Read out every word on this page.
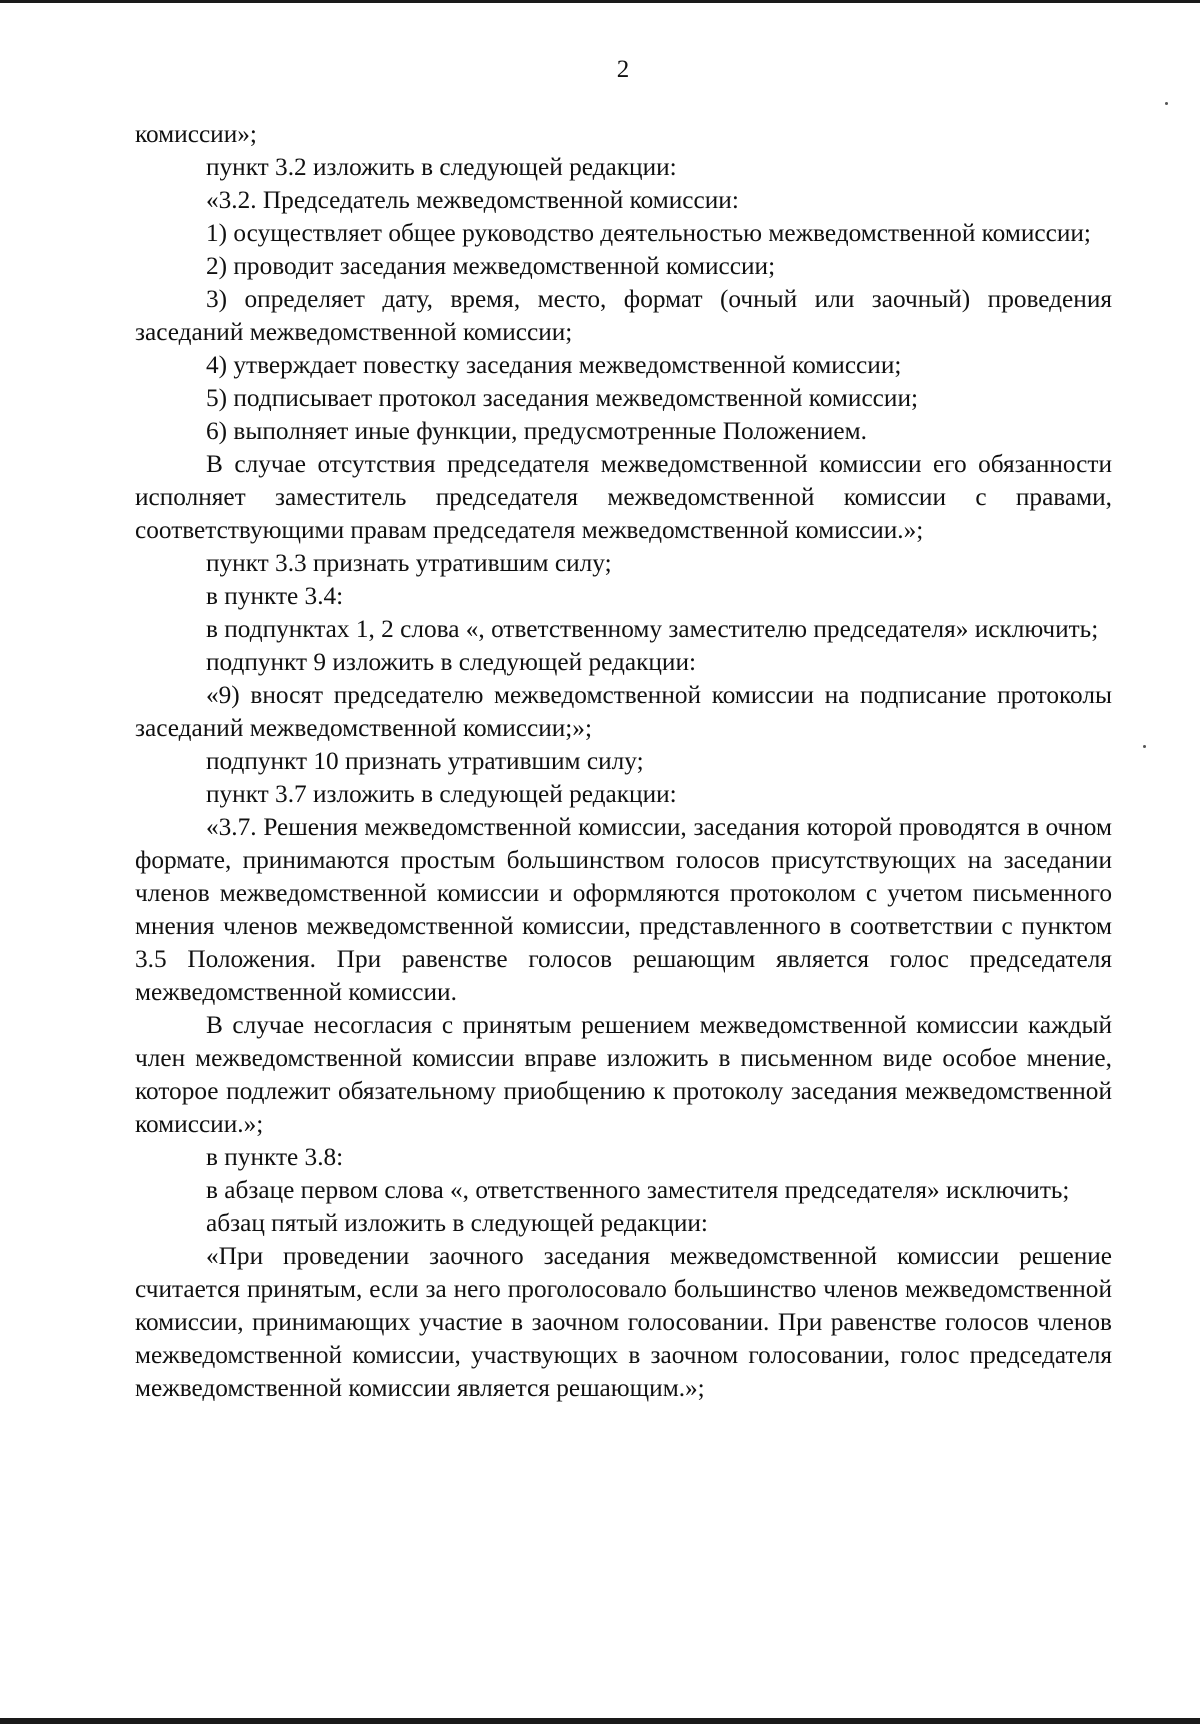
2

комиссии»;

пункт 3.2 изложить в следующей редакции:

«3.2. Председатель межведомственной комиссии:

1) осуществляет общее руководство деятельностью межведомственной комиссии;

2) проводит заседания межведомственной комиссии;

3) определяет дату, время, место, формат (очный или заочный) проведения заседаний межведомственной комиссии;

4) утверждает повестку заседания межведомственной комиссии;

5) подписывает протокол заседания межведомственной комиссии;

6) выполняет иные функции, предусмотренные Положением.

В случае отсутствия председателя межведомственной комиссии его обязанности исполняет заместитель председателя межведомственной комиссии с правами, соответствующими правам председателя межведомственной комиссии.»;

пункт 3.3 признать утратившим силу;

в пункте 3.4:

в подпунктах 1, 2 слова «, ответственному заместителю председателя» исключить;

подпункт 9 изложить в следующей редакции:

«9) вносят председателю межведомственной комиссии на подписание протоколы заседаний межведомственной комиссии;»;

подпункт 10 признать утратившим силу;

пункт 3.7 изложить в следующей редакции:

«3.7. Решения межведомственной комиссии, заседания которой проводятся в очном формате, принимаются простым большинством голосов присутствующих на заседании членов межведомственной комиссии и оформляются протоколом с учетом письменного мнения членов межведомственной комиссии, представленного в соответствии с пунктом 3.5 Положения. При равенстве голосов решающим является голос председателя межведомственной комиссии.

В случае несогласия с принятым решением межведомственной комиссии каждый член межведомственной комиссии вправе изложить в письменном виде особое мнение, которое подлежит обязательному приобщению к протоколу заседания межведомственной комиссии.»;

в пункте 3.8:

в абзаце первом слова «, ответственного заместителя председателя» исключить;

абзац пятый изложить в следующей редакции:

«При проведении заочного заседания межведомственной комиссии решение считается принятым, если за него проголосовало большинство членов межведомственной комиссии, принимающих участие в заочном голосовании. При равенстве голосов членов межведомственной комиссии, участвующих в заочном голосовании, голос председателя межведомственной комиссии является решающим.»;
